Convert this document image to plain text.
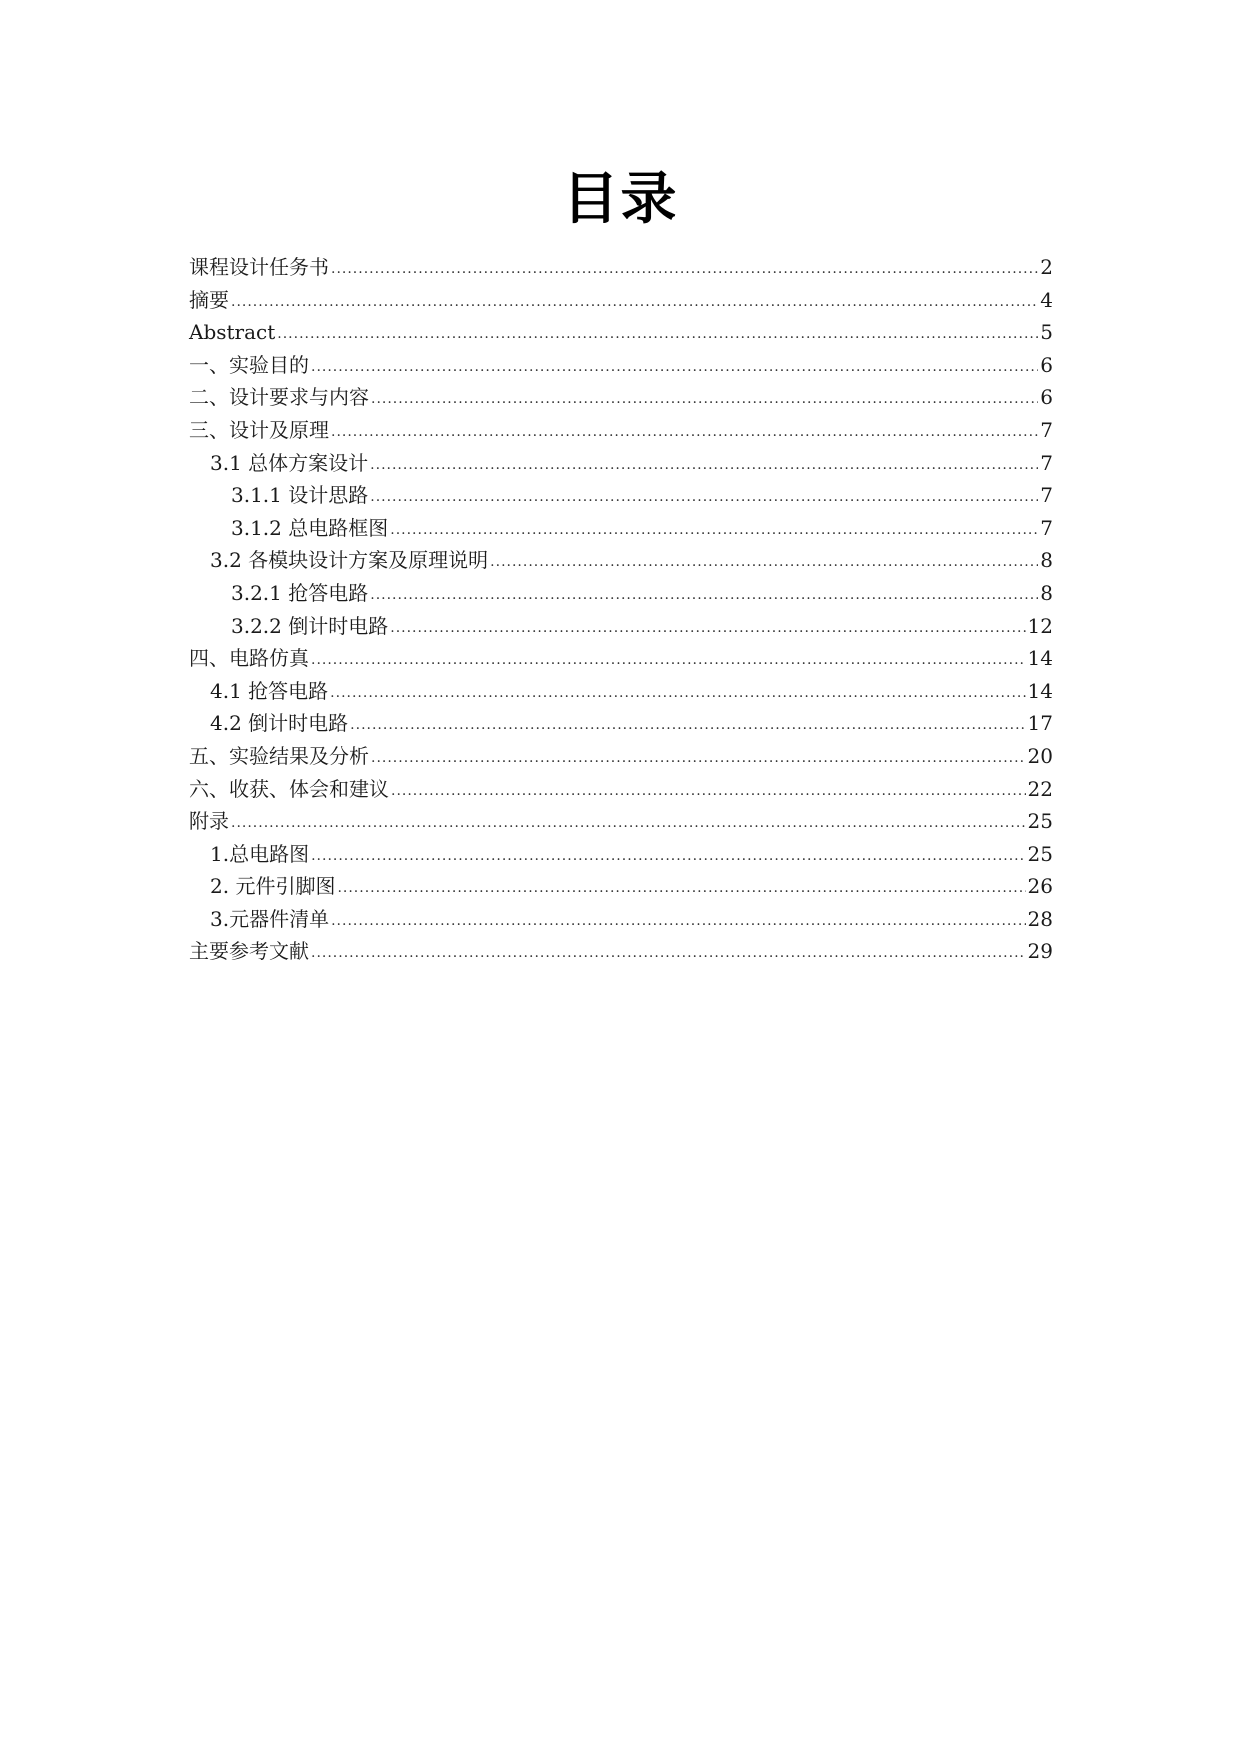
目录
课程设计任务书 .....	2
摘要 .....	4
Abstract .....	5
一、实验目的 .....	6
二、设计要求与内容 .....	6
三、设计及原理 .....	7
3.1 总体方案设计 .....	7
3.1.1 设计思路 .....	7
3.1.2 总电路框图 .....	7
3.2 各模块设计方案及原理说明 .....	8
3.2.1 抢答电路 .....	8
3.2.2 倒计时电路 .....	12
四、电路仿真 .....	14
4.1 抢答电路 .....	14
4.2 倒计时电路 .....	17
五、实验结果及分析 .....	20
六、收获、体会和建议 .....	22
附录 .....	25
1.总电路图 .....	25
2. 元件引脚图 .....	26
3.元器件清单 .....	28
主要参考文献 .....	29
